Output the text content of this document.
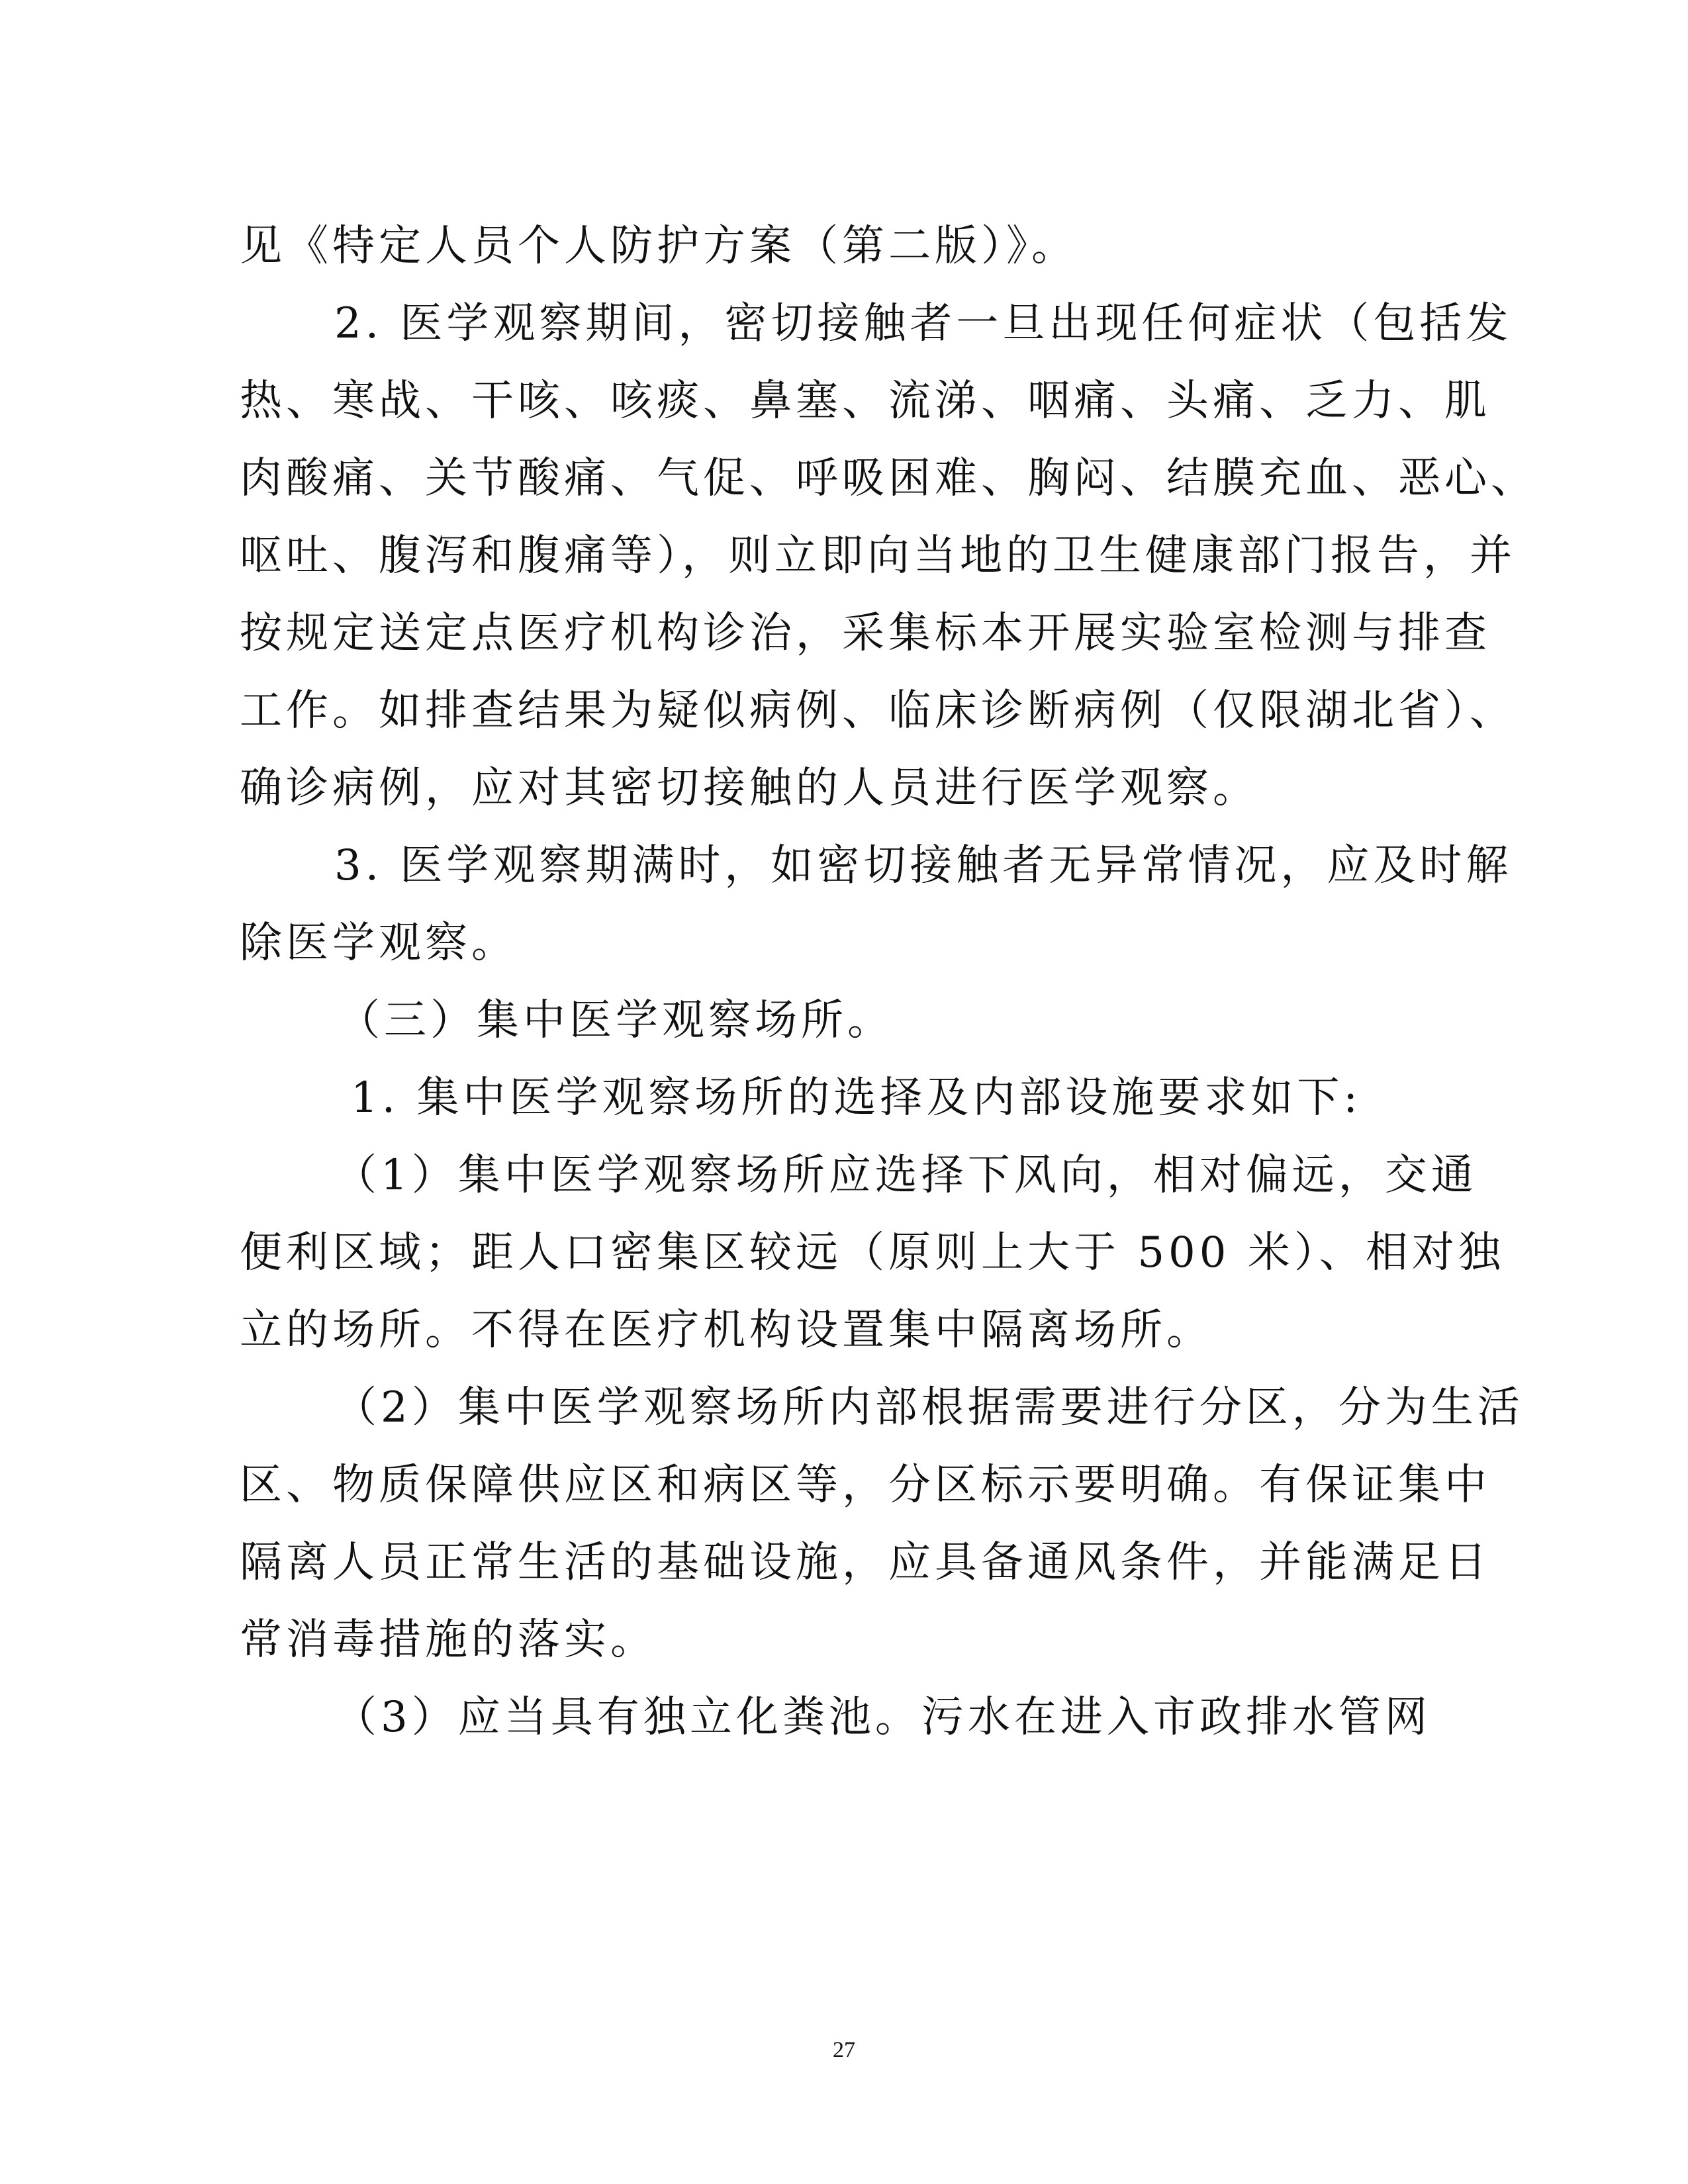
见《特定人员个人防护方案（第二版）》。
2. 医学观察期间，密切接触者一旦出现任何症状（包括发
热、寒战、干咳、咳痰、鼻塞、流涕、咽痛、头痛、乏力、肌
肉酸痛、关节酸痛、气促、呼吸困难、胸闷、结膜充血、恶心、
呕吐、腹泻和腹痛等），则立即向当地的卫生健康部门报告，并
按规定送定点医疗机构诊治，采集标本开展实验室检测与排查
工作。如排查结果为疑似病例、临床诊断病例（仅限湖北省）、
确诊病例，应对其密切接触的人员进行医学观察。
3. 医学观察期满时，如密切接触者无异常情况，应及时解
除医学观察。
（三）集中医学观察场所。
1. 集中医学观察场所的选择及内部设施要求如下:
（1）集中医学观察场所应选择下风向，相对偏远，交通
便利区域；距人口密集区较远（原则上大于 500 米）、相对独
立的场所。不得在医疗机构设置集中隔离场所。
（2）集中医学观察场所内部根据需要进行分区，分为生活
区、物质保障供应区和病区等，分区标示要明确。有保证集中
隔离人员正常生活的基础设施，应具备通风条件，并能满足日
常消毒措施的落实。
（3）应当具有独立化粪池。污水在进入市政排水管网
27
